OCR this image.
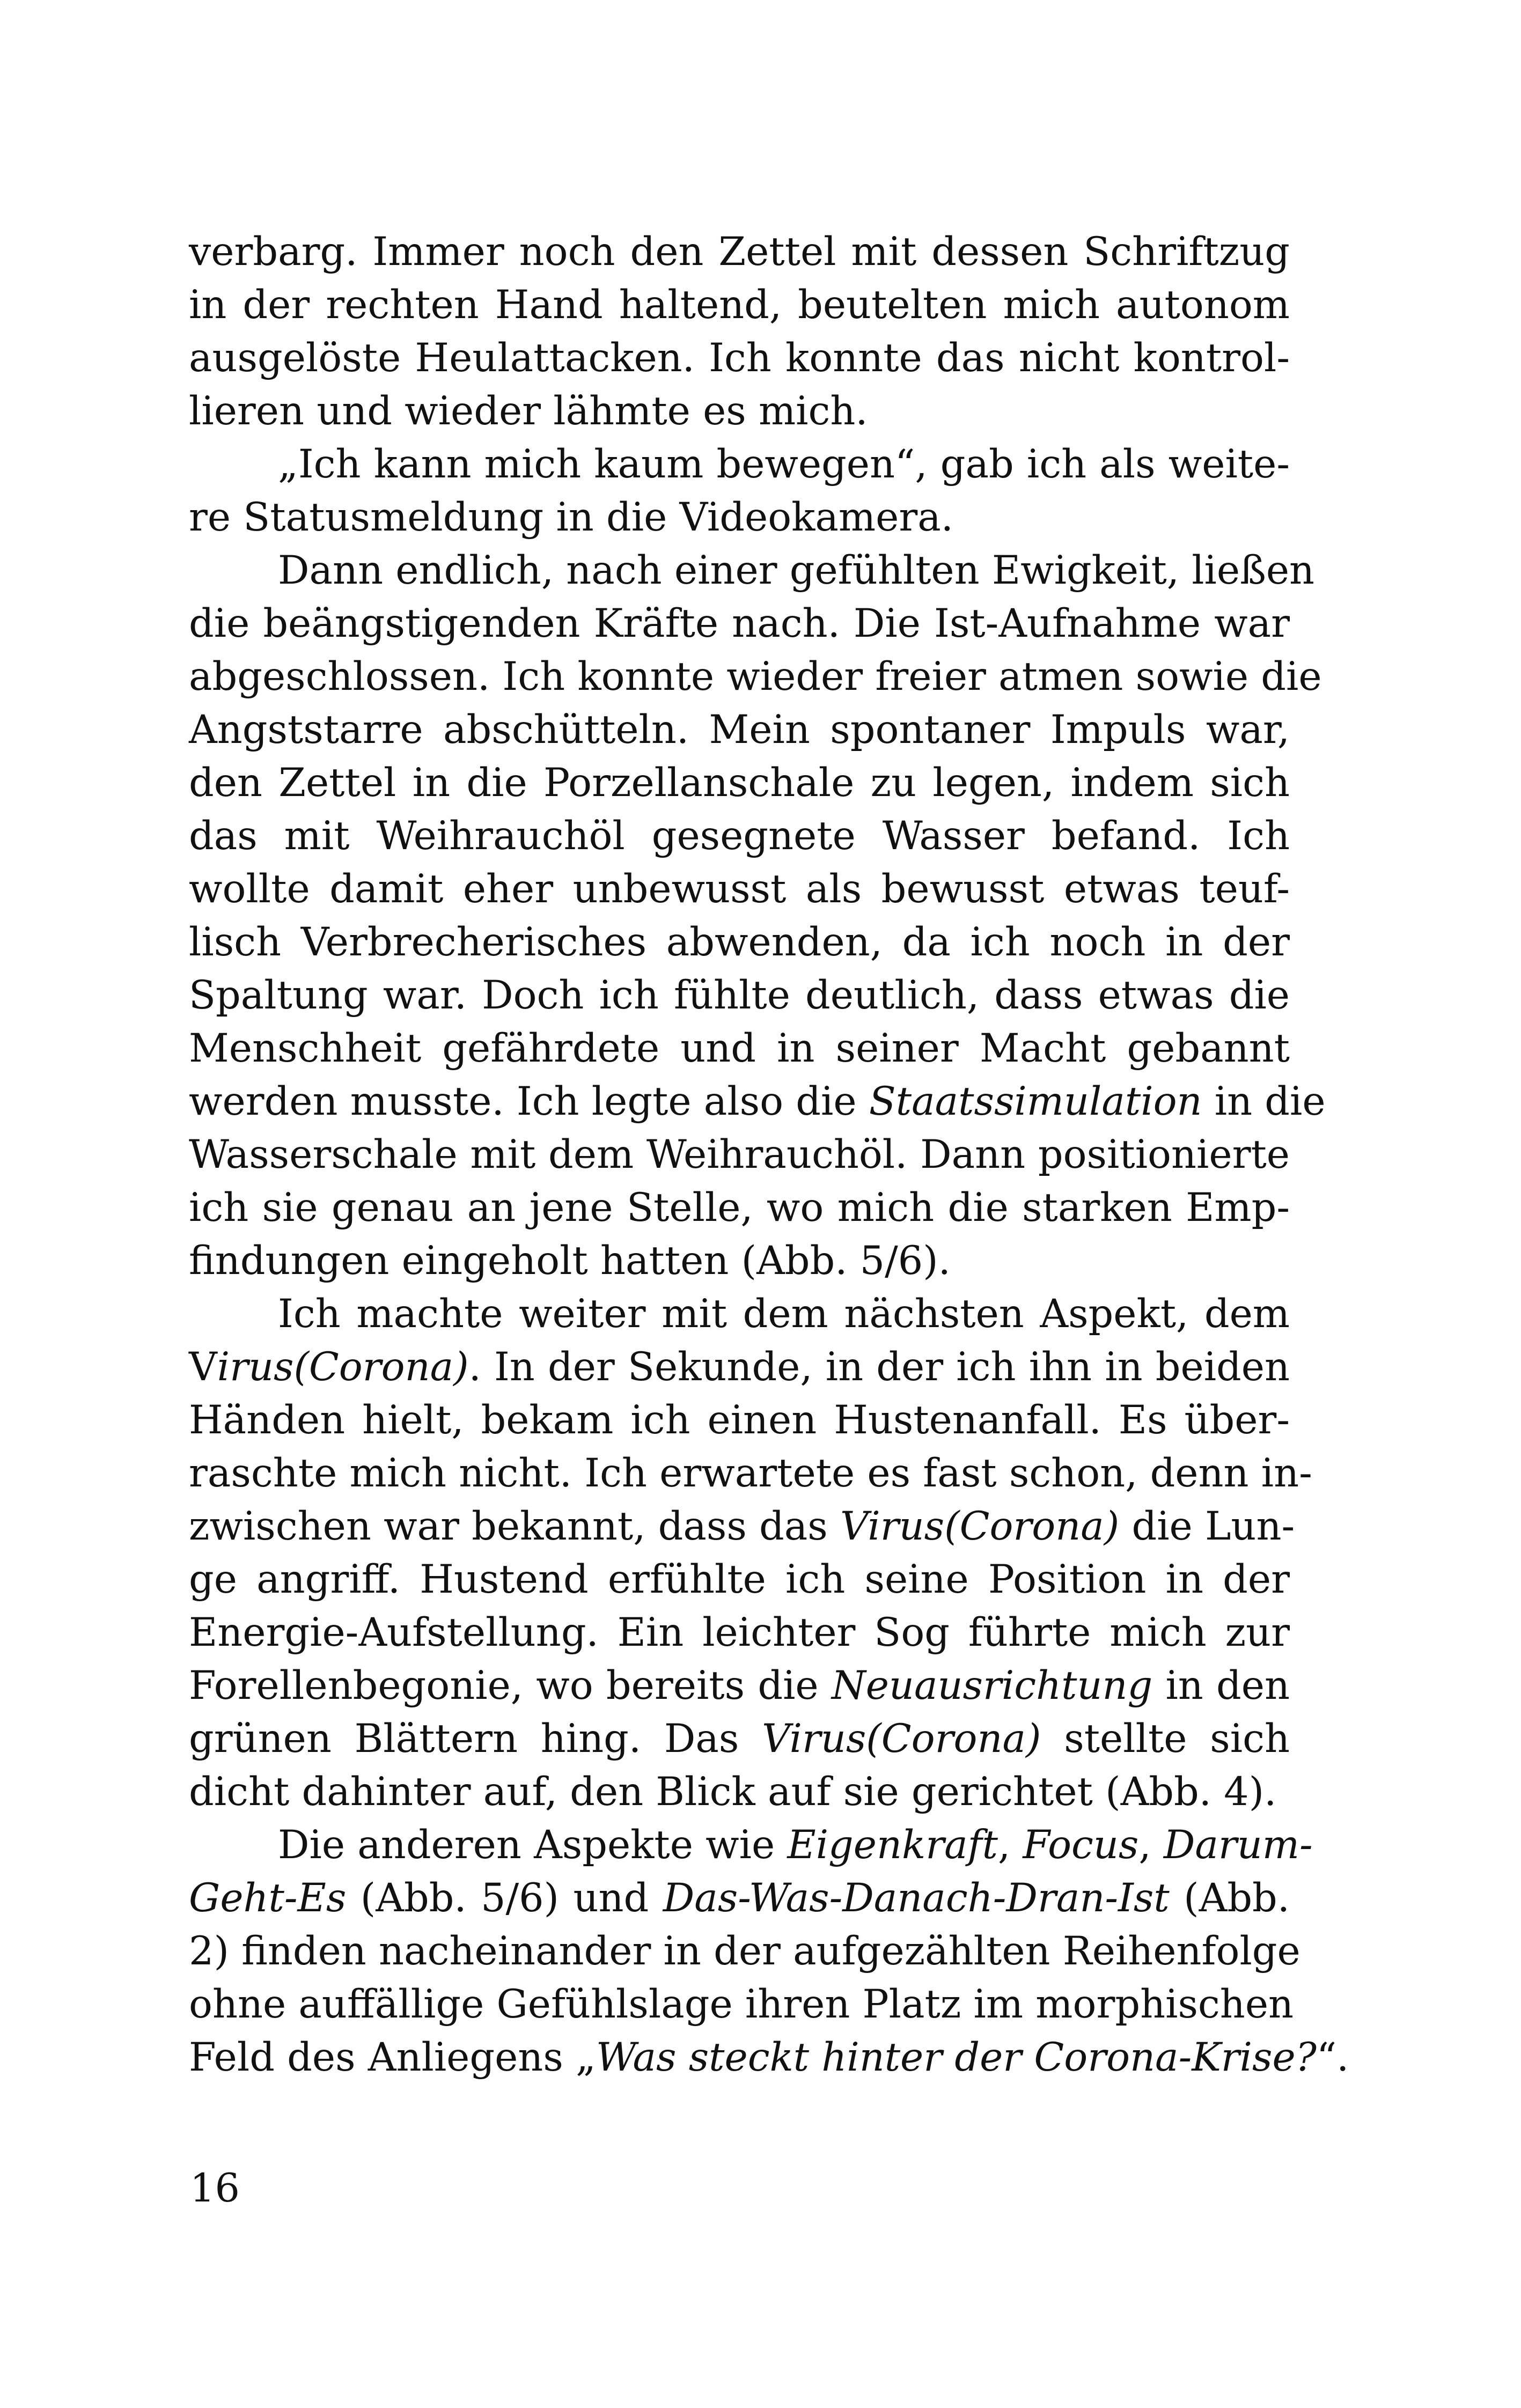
verbarg. Immer noch den Zettel mit dessen Schriftzug
in der rechten Hand haltend, beutelten mich autonom
ausgelöste Heulattacken. Ich konnte das nicht kontrol-
lieren und wieder lähmte es mich.
„Ich kann mich kaum bewegen“, gab ich als weite-
re Statusmeldung in die Videokamera.
Dann endlich, nach einer gefühlten Ewigkeit, ließen
die beängstigenden Kräfte nach. Die Ist-Aufnahme war
abgeschlossen. Ich konnte wieder freier atmen sowie die
Angststarre abschütteln. Mein spontaner Impuls war,
den Zettel in die Porzellanschale zu legen, indem sich
das mit Weihrauchöl gesegnete Wasser befand. Ich
wollte damit eher unbewusst als bewusst etwas teuf-
lisch Verbrecherisches abwenden, da ich noch in der
Spaltung war. Doch ich fühlte deutlich, dass etwas die
Menschheit gefährdete und in seiner Macht gebannt
werden musste. Ich legte also die Staatssimulation in die
Wasserschale mit dem Weihrauchöl. Dann positionierte
ich sie genau an jene Stelle, wo mich die starken Emp-
findungen eingeholt hatten (Abb. 5/6).
Ich machte weiter mit dem nächsten Aspekt, dem
Virus(Corona). In der Sekunde, in der ich ihn in beiden
Händen hielt, bekam ich einen Hustenanfall. Es über-
raschte mich nicht. Ich erwartete es fast schon, denn in-
zwischen war bekannt, dass das Virus(Corona) die Lun-
ge angriff. Hustend erfühlte ich seine Position in der
Energie-Aufstellung. Ein leichter Sog führte mich zur
Forellenbegonie, wo bereits die Neuausrichtung in den
grünen Blättern hing. Das Virus(Corona) stellte sich
dicht dahinter auf, den Blick auf sie gerichtet (Abb. 4).
Die anderen Aspekte wie Eigenkraft, Focus, Darum-
Geht-Es (Abb. 5/6) und Das-Was-Danach-Dran-Ist (Abb.
2) finden nacheinander in der aufgezählten Reihenfolge
ohne auffällige Gefühlslage ihren Platz im morphischen
Feld des Anliegens „Was steckt hinter der Corona-Krise?“.
16
